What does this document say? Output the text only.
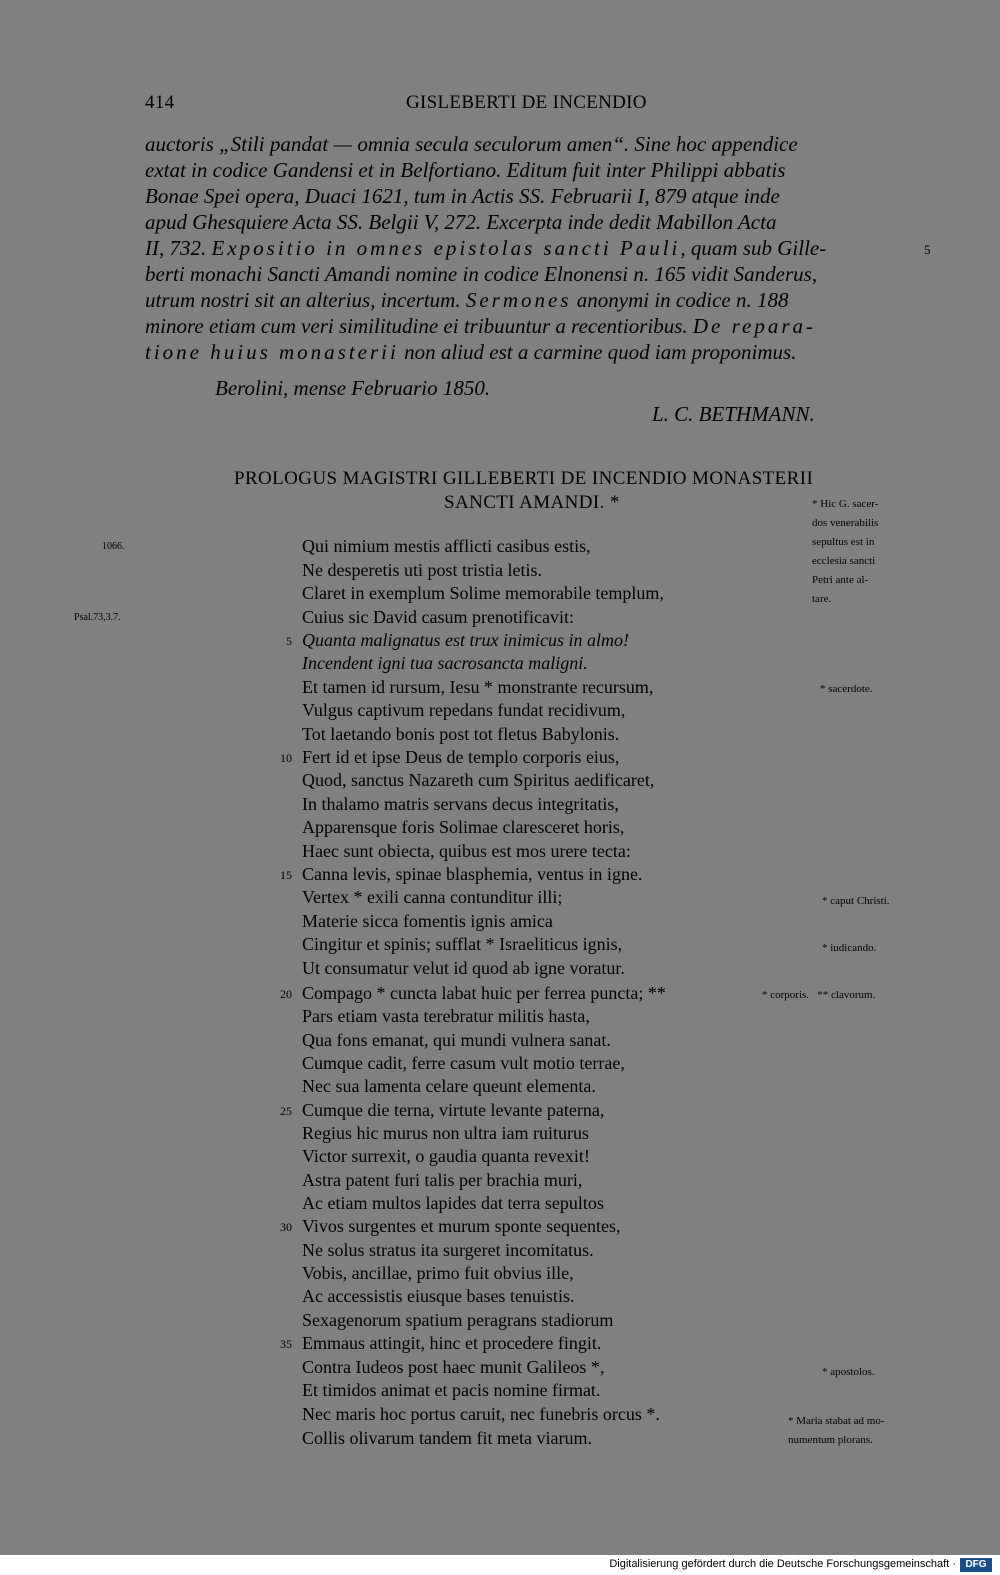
414	GISLEBERTI DE INCENDIO

auctoris „Stili pandat — omnia secula seculorum amen“. Sine hoc appendice

extat in codice Gandensi et in Belfortiano. Editum fuit inter Philippi abbatis

Bonae Spei opera, Duaci 1621, tum in Actis SS. Februarii I, 879 atque inde

apud Ghesquiere Acta SS. Belgii V, 272. Excerpta inde dedit Mabillon Acta

II, 732. Expositio in omnes epistolas sancti Pauli, quam sub Gille-

berti monachi Sancti Amandi nomine in codice Elnonensi n. 165 vidit Sanderus,

utrum nostri sit an alterius, incertum. Sermones anonymi in codice n. 188

minore etiam cum veri similitudine ei tribuuntur a recentioribus. De repara-

tione huius monasterii non aliud est a carmine quod iam proponimus.

5
Berolini, mense Februario 1850.
L. C. BETHMANN.
PROLOGUS MAGISTRI GILLEBERTI DE INCENDIO MONASTERII
SANCTI AMANDI. *
1066.
Psal.73,3.7.
Qui nimium mestis afflicti casibus estis,
Ne desperetis uti post tristia letis.
Claret in exemplum Solime memorabile templum,
Cuius sic David casum prenotificavit:
Quanta malignatus est trux inimicus in almo!
Incendent igni tua sacrosancta maligni.
Et tamen id rursum, Iesu * monstrante recursum,
Vulgus captivum repedans fundat recidivum,
Tot laetando bonis post tot fletus Babylonis.
Fert id et ipse Deus de templo corporis eius,
Quod, sanctus Nazareth cum Spiritus aedificaret,
In thalamo matris servans decus integritatis,
Apparensque foris Solimae claresceret horis,
Haec sunt obiecta, quibus est mos urere tecta:
Canna levis, spinae blasphemia, ventus in igne.
Vertex * exili canna contunditur illi;
Materie sicca fomentis ignis amica
Cingitur et spinis; sufflat * Israeliticus ignis,
Ut consumatur velut id quod ab igne voratur.
Compago * cuncta labat huic per ferrea puncta; **
Pars etiam vasta terebratur militis hasta,
Qua fons emanat, qui mundi vulnera sanat.
Cumque cadit, ferre casum vult motio terrae,
Nec sua lamenta celare queunt elementa.
Cumque die terna, virtute levante paterna,
Regius hic murus non ultra iam ruiturus
Victor surrexit, o gaudia quanta revexit!
Astra patent furi talis per brachia muri,
Ac etiam multos lapides dat terra sepultos
Vivos surgentes et murum sponte sequentes,
Ne solus stratus ita surgeret incomitatus.
Vobis, ancillae, primo fuit obvius ille,
Ac accessistis eiusque bases tenuistis.
Sexagenorum spatium peragrans stadiorum
Emmaus attingit, hinc et procedere fingit.
Contra Iudeos post haec munit Galileos *,
Et timidos animat et pacis nomine firmat.
Nec maris hoc portus caruit, nec funebris orcus *.
Collis olivarum tandem fit meta viarum.
5
10
15
20
25
30
35
* Hic G. sacer-
dos venerabilis
sepultus est in
ecclesia sancti
Petri ante al-
tare.
* sacerdote.
* caput Christi.
* iudicando.
* corporis.   ** clavorum.
* apostolos.
* Maria stabat ad mo-
numentum plorans.
Digitalisierung gefördert durch die Deutsche Forschungsgemeinschaft · DFG
